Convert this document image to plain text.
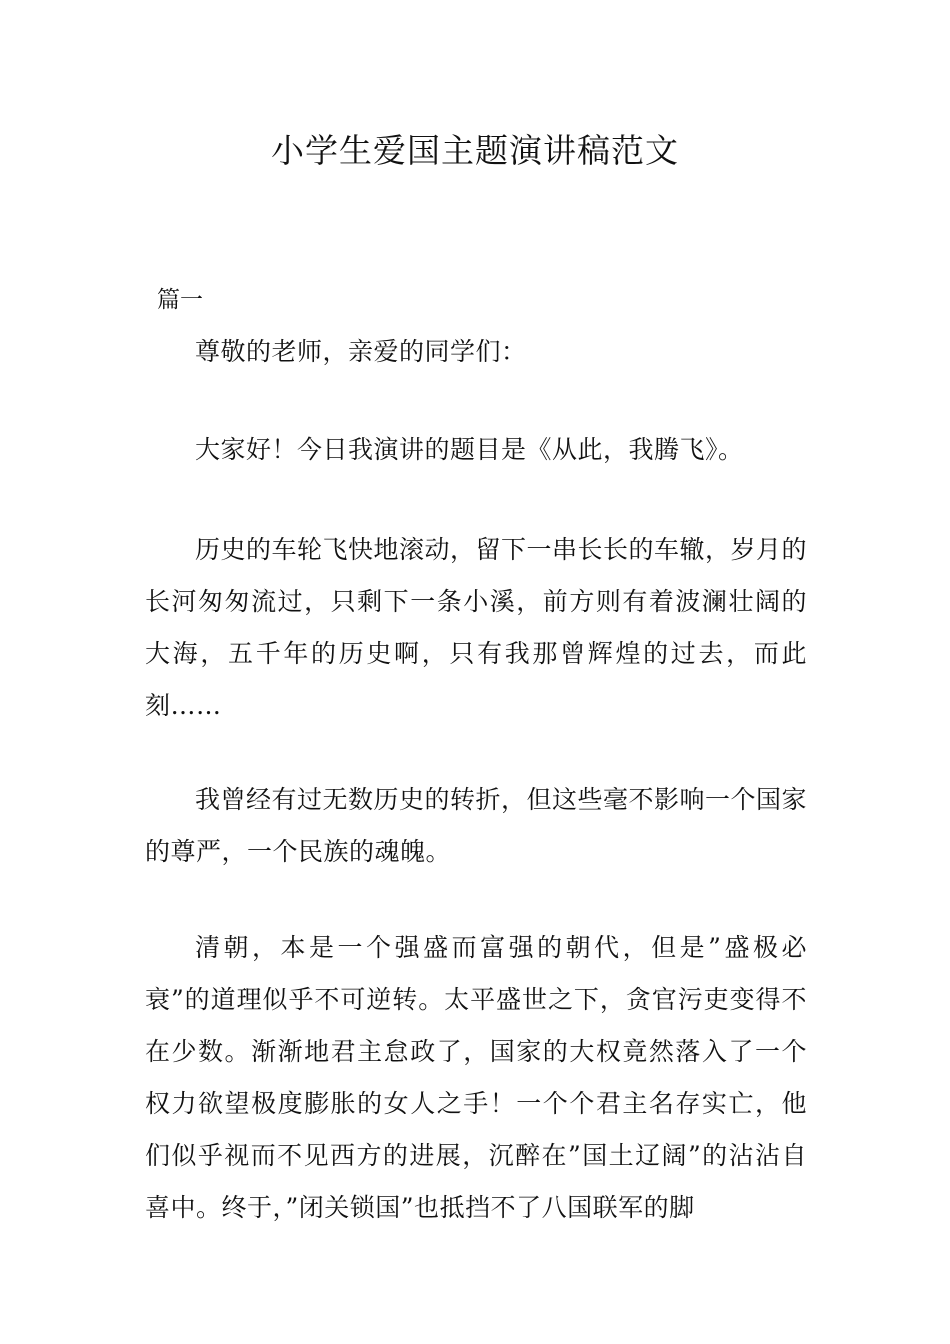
小学生爱国主题演讲稿范文

篇一

尊敬的老师，亲爱的同学们：

大家好！今日我演讲的题目是《从此，我腾飞》。

历史的车轮飞快地滚动，留下一串长长的车辙，岁月的长河匆匆流过，只剩下一条小溪，前方则有着波澜壮阔的大海，五千年的历史啊，只有我那曾辉煌的过去，而此刻……

我曾经有过无数历史的转折，但这些毫不影响一个国家的尊严，一个民族的魂魄。

清朝，本是一个强盛而富强的朝代，但是”盛极必衰”的道理似乎不可逆转。太平盛世之下，贪官污吏变得不在少数。渐渐地君主怠政了，国家的大权竟然落入了一个权力欲望极度膨胀的女人之手！一个个君主名存实亡，他们似乎视而不见西方的进展，沉醉在”国土辽阔”的沾沾自喜中。终于，”闭关锁国”也抵挡不了八国联军的脚
